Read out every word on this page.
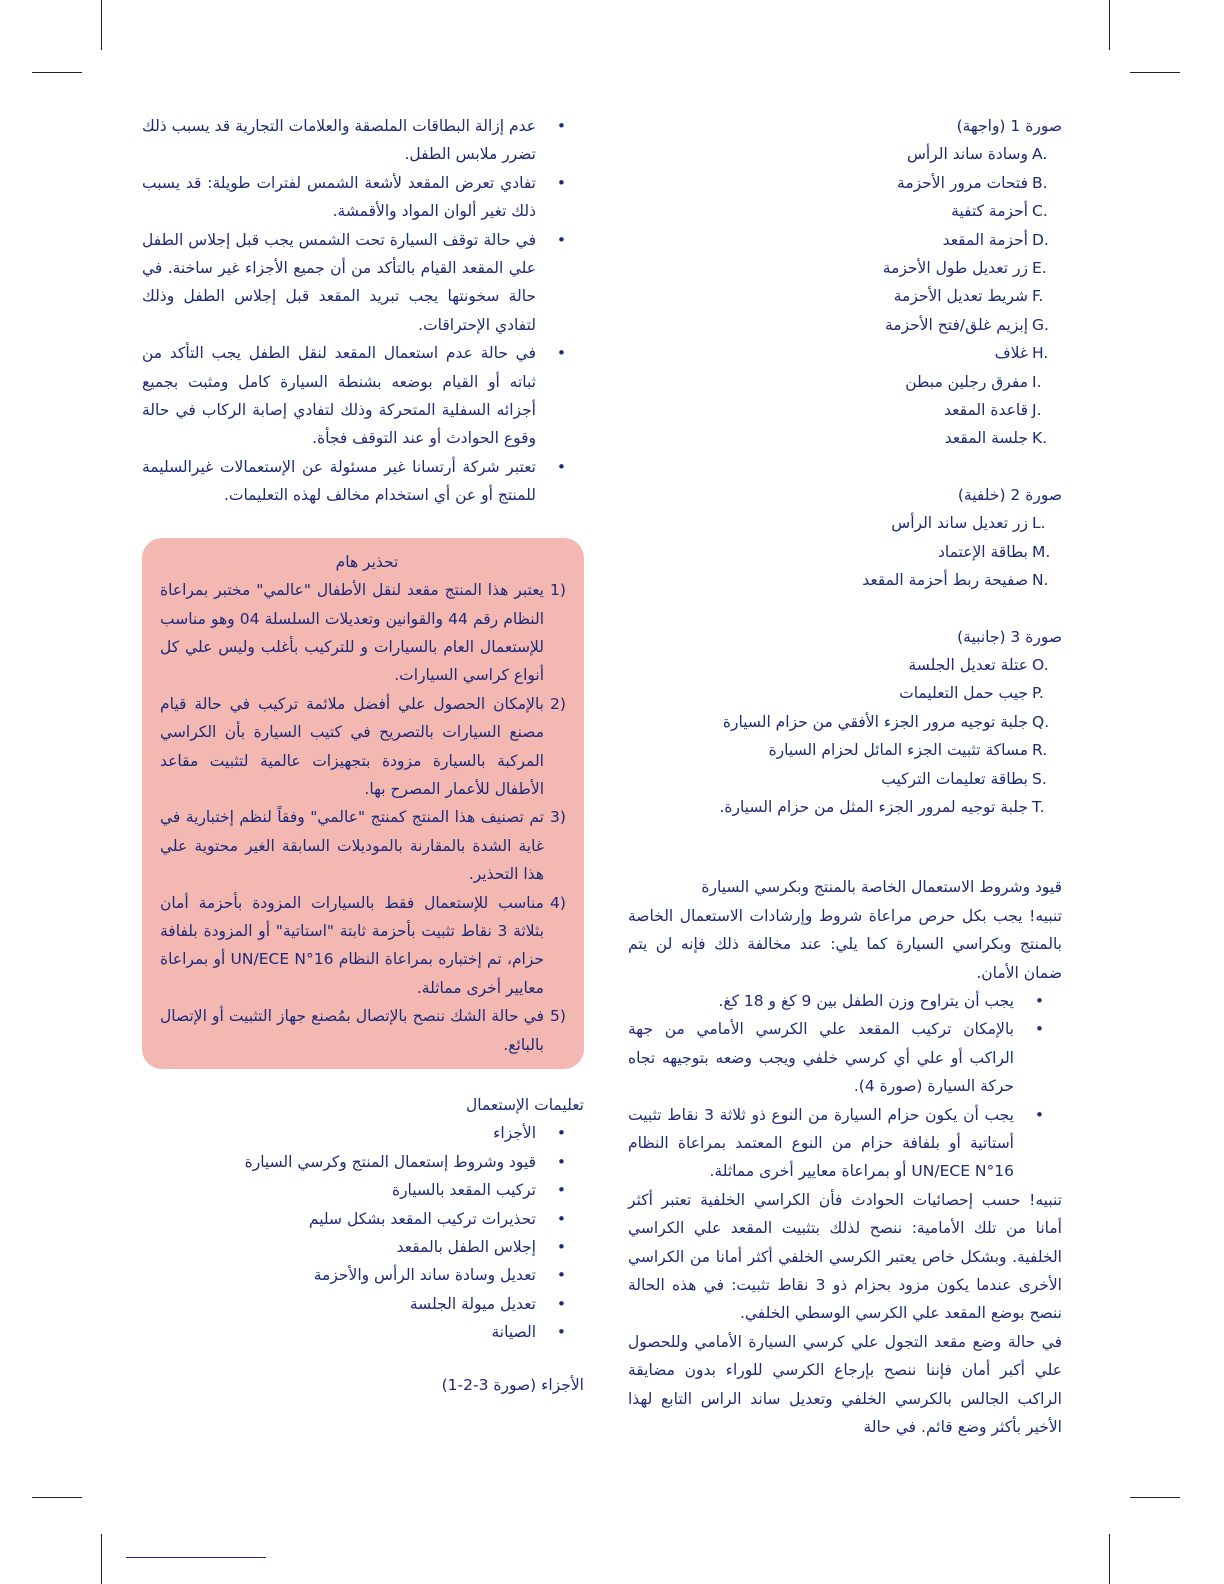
صورة 1 (واجهة)

A.
وسادة ساند الرأس
B.
فتحات مرور الأحزمة
C.
أحزمة كتفية
D.
أحزمة المقعد
E.
زر تعديل طول الأحزمة
F.
شريط تعديل الأحزمة
G.
إبزيم غلق/فتح الأحزمة
H.
غلاف
I.
مفرق رجلين مبطن
J.
قاعدة المقعد
K.
جلسة المقعد

صورة 2 (خلفية)

L.
زر تعديل ساند الرأس
M.
بطاقة الإعتماد
N.
صفيحة ربط أحزمة المقعد

صورة 3 (جانبية)

O.
عتلة تعديل الجلسة
P.
جيب حمل التعليمات
Q.
جلبة توجيه مرور الجزء الأفقي من حزام السيارة
R.
مساكة تثبيت الجزء المائل لحزام السيارة
S.
بطاقة تعليمات التركيب
T.
جلبة توجيه لمرور الجزء المثل من حزام السيارة.

قيود وشروط الاستعمال الخاصة بالمنتج وبكرسي السيارة

تنبيه! يجب بكل حرص مراعاة شروط وإرشادات الاستعمال الخاصة بالمنتج وبكراسي السيارة كما يلي: عند مخالفة ذلك فإنه لن يتم ضمان الأمان.

• يجب أن يتراوح وزن الطفل بين 9 كغ و 18 كغ.
• بالإمكان تركيب المقعد علي الكرسي الأمامي من جهة الراكب أو علي أي كرسي خلفي ويجب وضعه بتوجيهه تجاه حركة السيارة (صورة 4).
• يجب أن يكون حزام السيارة من النوع ذو ثلاثة 3 نقاط تثبيت أستاتية أو بلفافة حزام من النوع المعتمد بمراعاة النظام UN/ECE N°16 أو بمراعاة معايير أخرى مماثلة.

تنبيه! حسب إحصائيات الحوادث فأن الكراسي الخلفية تعتبر أكثر أمانا من تلك الأمامية: ننصح لذلك بتثبيت المقعد علي الكراسي الخلفية. وبشكل خاص يعتبر الكرسي الخلفي أكثر أمانا من الكراسي الأخرى عندما يكون مزود بحزام ذو 3 نقاط تثبيت: في هذه الحالة ننصح بوضع المقعد علي الكرسي الوسطي الخلفي.

في حالة وضع مقعد التجول علي كرسي السيارة الأمامي وللحصول علي أكبر أمان فإننا ننصح بإرجاع الكرسي للوراء بدون مضايقة الراكب الجالس بالكرسي الخلفي وتعديل ساند الراس التابع لهذا الأخير بأكثر وضع قائم. في حالة

• عدم إزالة البطاقات الملصقة والعلامات التجارية قد يسبب ذلك تضرر ملابس الطفل.
• تفادي تعرض المقعد لأشعة الشمس لفترات طويلة: قد يسبب ذلك تغير ألوان المواد والأقمشة.
• في حالة توقف السيارة تحت الشمس يجب قبل إجلاس الطفل علي المقعد القيام بالتأكد من أن جميع الأجزاء غير ساخنة. في حالة سخونتها يجب تبريد المقعد قبل إجلاس الطفل وذلك لتفادي الإحتراقات.
• في حالة عدم استعمال المقعد لنقل الطفل يجب التأكد من ثباته أو القيام بوضعه بشنطة السيارة كامل ومثبت بجميع أجزائه السفلية المتحركة وذلك لتفادي إصابة الركاب في حالة وقوع الحوادث أو عند التوقف فجأة.
• تعتبر شركة أرتسانا غير مسئولة عن الإستعمالات غيرالسليمة للمنتج أو عن أي استخدام مخالف لهذه التعليمات.

تحذير هام

1)
يعتبر هذا المنتج مقعد لنقل الأطفال "عالمي" مختبر بمراعاة النظام رقم 44 والقوانين وتعديلات السلسلة 04 وهو مناسب للإستعمال العام بالسيارات و للتركيب بأغلب وليس علي كل أنواع كراسي السيارات.
2)
بالإمكان الحصول علي أفضل ملائمة تركيب في حالة قيام مصنع السيارات بالتصريح في كتيب السيارة بأن الكراسي المركبة بالسيارة مزودة بتجهيزات عالمية لتثبيت مقاعد الأطفال للأعمار المصرح بها.
3)
تم تصنيف هذا المنتج كمنتج "عالمي" وفقاً لنظم إختبارية في غاية الشدة بالمقارنة بالموديلات السابقة الغير محتوية علي هذا التحذير.
4)
مناسب للإستعمال فقط بالسيارات المزودة بأحزمة أمان بثلاثة 3 نقاط تثبيت بأحزمة ثابتة "استاتية" أو المزودة بلفافة حزام، تم إختباره بمراعاة النظام UN/ECE N°16 أو بمراعاة معايير أخرى مماثلة.
5)
في حالة الشك ننصح بالإتصال بمُصنع جهاز التثبيت أو الإتصال بالبائع.

تعليمات الإستعمال

• الأجزاء
• قيود وشروط إستعمال المنتج وكرسي السيارة
• تركيب المقعد بالسيارة
• تحذيرات تركيب المقعد بشكل سليم
• إجلاس الطفل بالمقعد
• تعديل وسادة ساند الرأس والأحزمة
• تعديل ميولة الجلسة
• الصيانة

الأجزاء (صورة 3-2-1)
